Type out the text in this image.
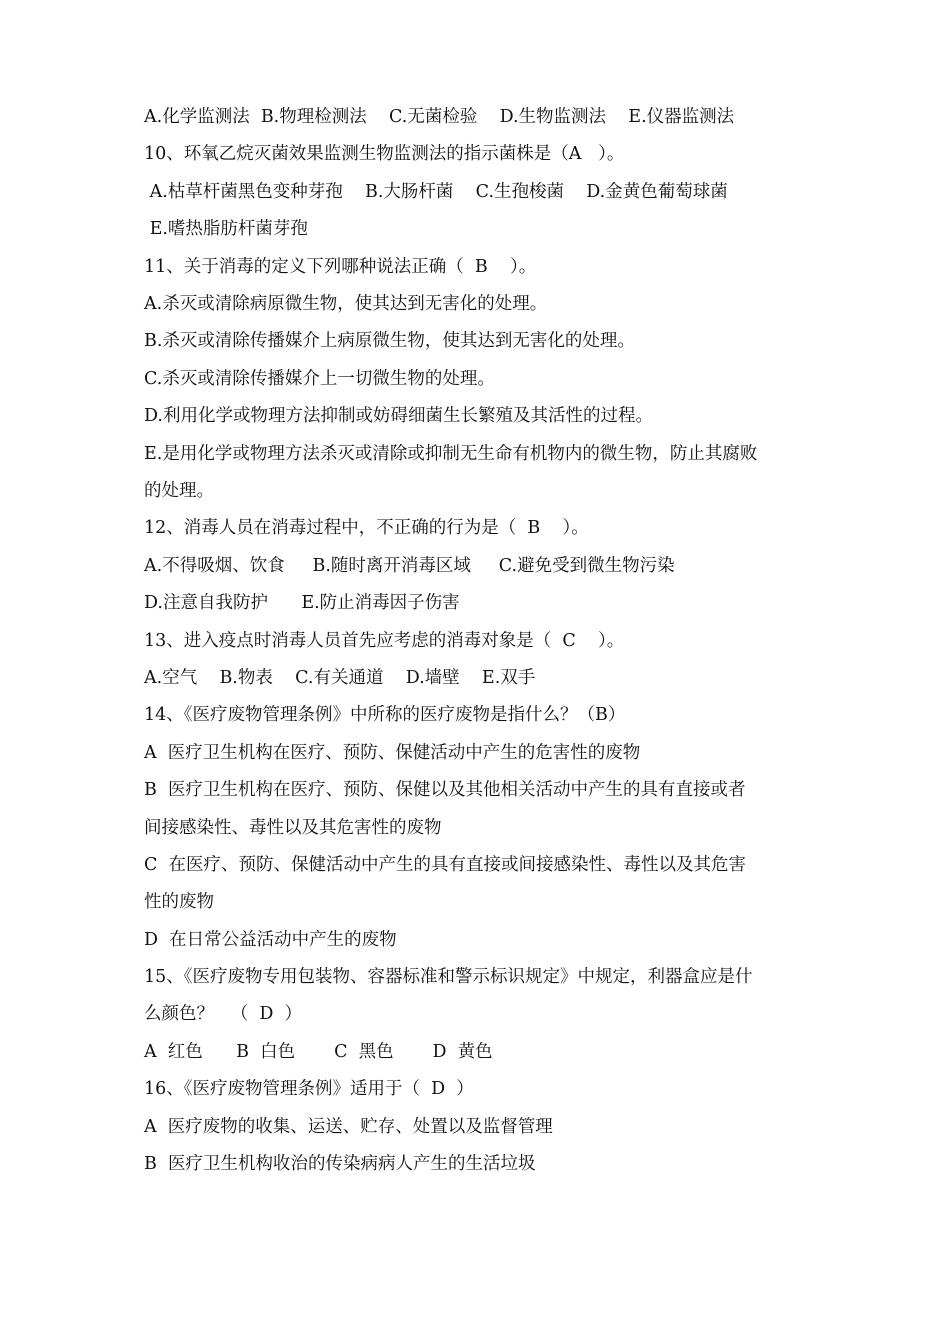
A.化学监测法  B.物理检测法    C.无菌检验    D.生物监测法    E.仪器监测法
10、环氧乙烷灭菌效果监测生物监测法的指示菌株是（A   ）。
A.枯草杆菌黑色变种芽孢    B.大肠杆菌    C.生孢梭菌    D.金黄色葡萄球菌
E.嗜热脂肪杆菌芽孢
11、关于消毒的定义下列哪种说法正确（  B    ）。
A.杀灭或清除病原微生物，使其达到无害化的处理。
B.杀灭或清除传播媒介上病原微生物，使其达到无害化的处理。
C.杀灭或清除传播媒介上一切微生物的处理。
D.利用化学或物理方法抑制或妨碍细菌生长繁殖及其活性的过程。
E.是用化学或物理方法杀灭或清除或抑制无生命有机物内的微生物，防止其腐败
的处理。
12、消毒人员在消毒过程中，不正确的行为是（  B    ）。
A.不得吸烟、饮食     B.随时离开消毒区域     C.避免受到微生物污染
D.注意自我防护      E.防止消毒因子伤害
13、进入疫点时消毒人员首先应考虑的消毒对象是（  C    ）。
A.空气    B.物表    C.有关通道    D.墙壁    E.双手
14、《医疗废物管理条例》中所称的医疗废物是指什么？（B）
A  医疗卫生机构在医疗、预防、保健活动中产生的危害性的废物
B  医疗卫生机构在医疗、预防、保健以及其他相关活动中产生的具有直接或者
间接感染性、毒性以及其危害性的废物
C  在医疗、预防、保健活动中产生的具有直接或间接感染性、毒性以及其危害
性的废物
D  在日常公益活动中产生的废物
15、《医疗废物专用包装物、容器标准和警示标识规定》中规定，利器盒应是什
么颜色？   （  D  ）
A  红色      B  白色       C  黑色       D  黄色
16、《医疗废物管理条例》适用于（  D  ）
A  医疗废物的收集、运送、贮存、处置以及监督管理
B  医疗卫生机构收治的传染病病人产生的生活垃圾
